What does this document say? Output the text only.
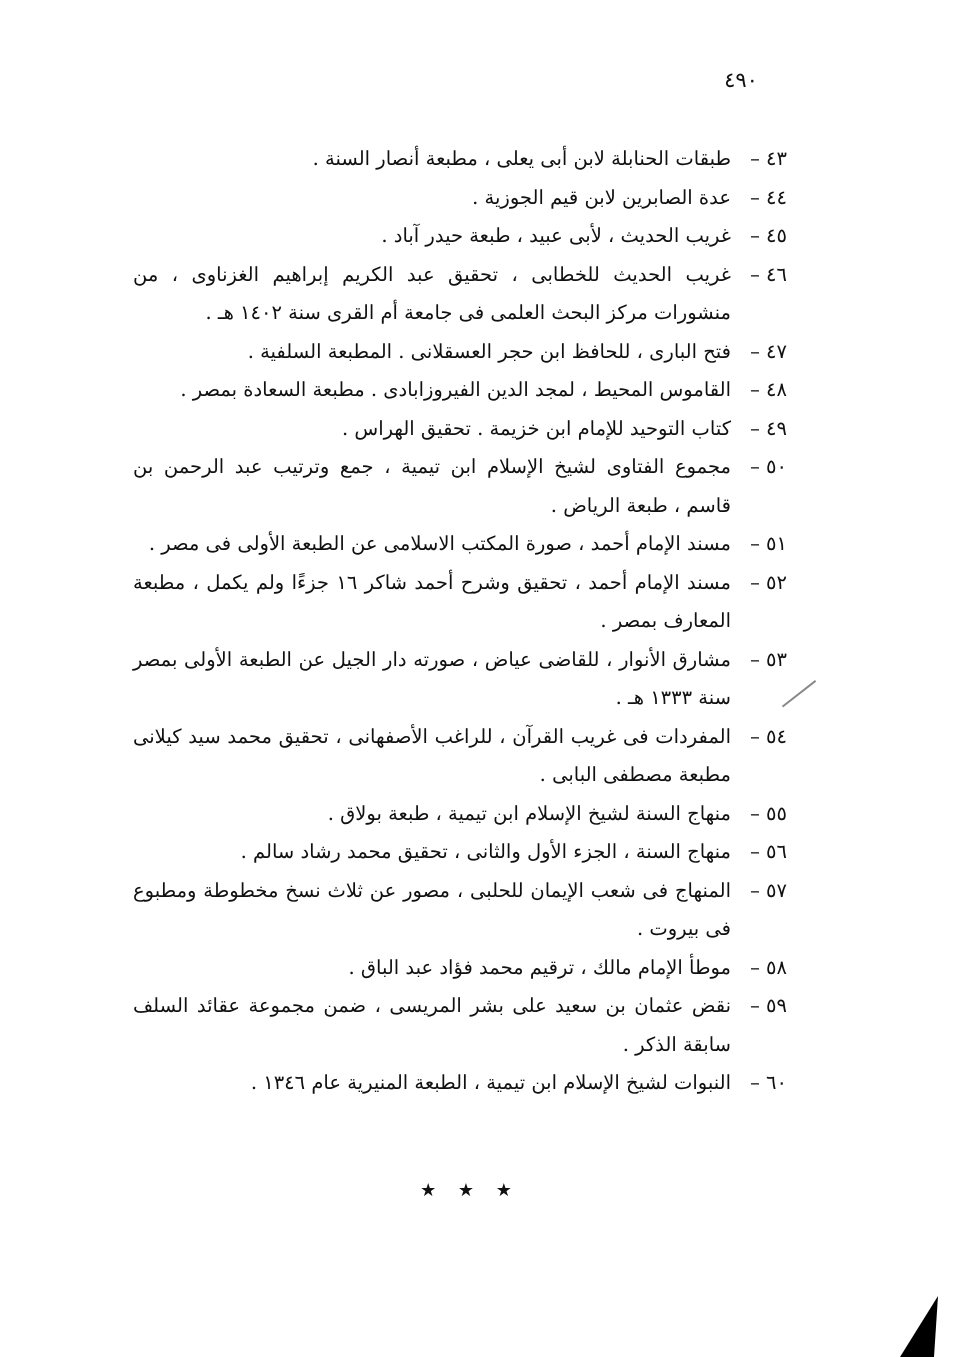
٤٩٠
٤٣ –
طبقات الحنابلة لابن أبى يعلى ، مطبعة أنصار السنة .
٤٤ –
عدة الصابرين لابن قيم الجوزية .
٤٥ –
غريب الحديث ، لأبى عبيد ، طبعة حيدر آباد .
٤٦ –
غريب الحديث للخطابى ، تحقيق عبد الكريم إبراهيم الغزناوى ، من منشورات مركز البحث العلمى فى جامعة أم القرى سنة ١٤٠٢ هـ .
٤٧ –
فتح البارى ، للحافظ ابن حجر العسقلانى . المطبعة السلفية .
٤٨ –
القاموس المحيط ، لمجد الدين الفيروزابادى . مطبعة السعادة بمصر .
٤٩ –
كتاب التوحيد للإمام ابن خزيمة . تحقيق الهراس .
٥٠ –
مجموع الفتاوى لشيخ الإسلام ابن تيمية ، جمع وترتيب عبد الرحمن بن قاسم ، طبعة الرياض .
٥١ –
مسند الإمام أحمد ، صورة المكتب الاسلامى عن الطبعة الأولى فى مصر .
٥٢ –
مسند الإمام أحمد ، تحقيق وشرح أحمد شاكر ١٦ جزءًا ولم يكمل ، مطبعة المعارف بمصر .
٥٣ –
مشارق الأنوار ، للقاضى عياض ، صورته دار الجيل عن الطبعة الأولى بمصر سنة ١٣٣٣ هـ .
٥٤ –
المفردات فى غريب القرآن ، للراغب الأصفهانى ، تحقيق محمد سيد كيلانى مطبعة مصطفى البابى .
٥٥ –
منهاج السنة لشيخ الإسلام ابن تيمية ، طبعة بولاق .
٥٦ –
منهاج السنة ، الجزء الأول والثانى ، تحقيق محمد رشاد سالم .
٥٧ –
المنهاج فى شعب الإيمان للحلبى ، مصور عن ثلاث نسخ مخطوطة ومطبوع فى بيروت .
٥٨ –
موطأ الإمام مالك ، ترقيم محمد فؤاد عبد الباق .
٥٩ –
نقض عثمان بن سعيد على بشر المريسى ، ضمن مجموعة عقائد السلف سابقة الذكر .
٦٠ –
النبوات لشيخ الإسلام ابن تيمية ، الطبعة المنيرية عام ١٣٤٦ .
★ ★ ★
